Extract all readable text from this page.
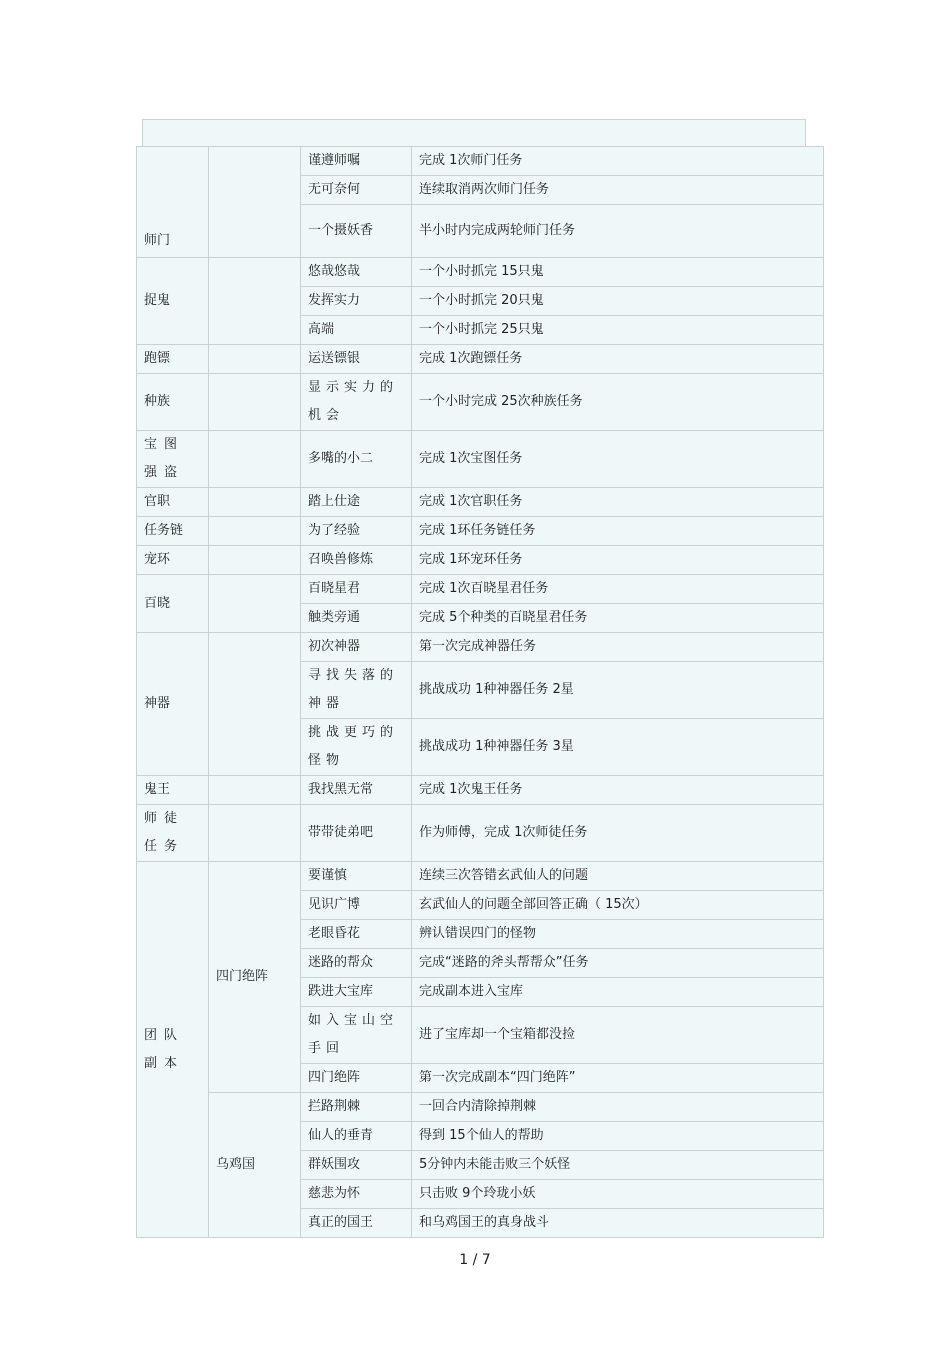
师门		谨遵师嘱	完成 1次师门任务
		无可奈何	连续取消两次师门任务
		一个摄妖香	半小时内完成两轮师门任务
捉鬼		悠哉悠哉	一个小时抓完 15只鬼
		发挥实力	一个小时抓完 20只鬼
		高端	一个小时抓完 25只鬼
跑镖		运送镖银	完成 1次跑镖任务
种族		显示实力的机会	一个小时完成 25次种族任务
宝图强盗		多嘴的小二	完成 1次宝图任务
官职		踏上仕途	完成 1次官职任务
任务链		为了经验	完成 1环任务链任务
宠环		召唤兽修炼	完成 1环宠环任务
百晓		百晓星君	完成 1次百晓星君任务
		触类旁通	完成 5个种类的百晓星君任务
神器		初次神器	第一次完成神器任务
		寻找失落的神器	挑战成功 1种神器任务 2星
		挑战更巧的怪物	挑战成功 1种神器任务 3星
鬼王		我找黑无常	完成 1次鬼王任务
师徒任务		带带徒弟吧	作为师傅，完成 1次师徒任务
团队副本	四门绝阵	要谨慎	连续三次答错玄武仙人的问题
		见识广博	玄武仙人的问题全部回答正确（ 15次）
		老眼昏花	辨认错误四门的怪物
		迷路的帮众	完成“迷路的斧头帮帮众”任务
		跌进大宝库	完成副本进入宝库
		如入宝山空手回	进了宝库却一个宝箱都没捡
		四门绝阵	第一次完成副本“四门绝阵”
	乌鸡国	拦路荆棘	一回合内清除掉荆棘
		仙人的垂青	得到 15个仙人的帮助
		群妖围攻	5分钟内未能击败三个妖怪
		慈悲为怀	只击败 9个玲珑小妖
		真正的国王	和乌鸡国王的真身战斗
1 / 7
